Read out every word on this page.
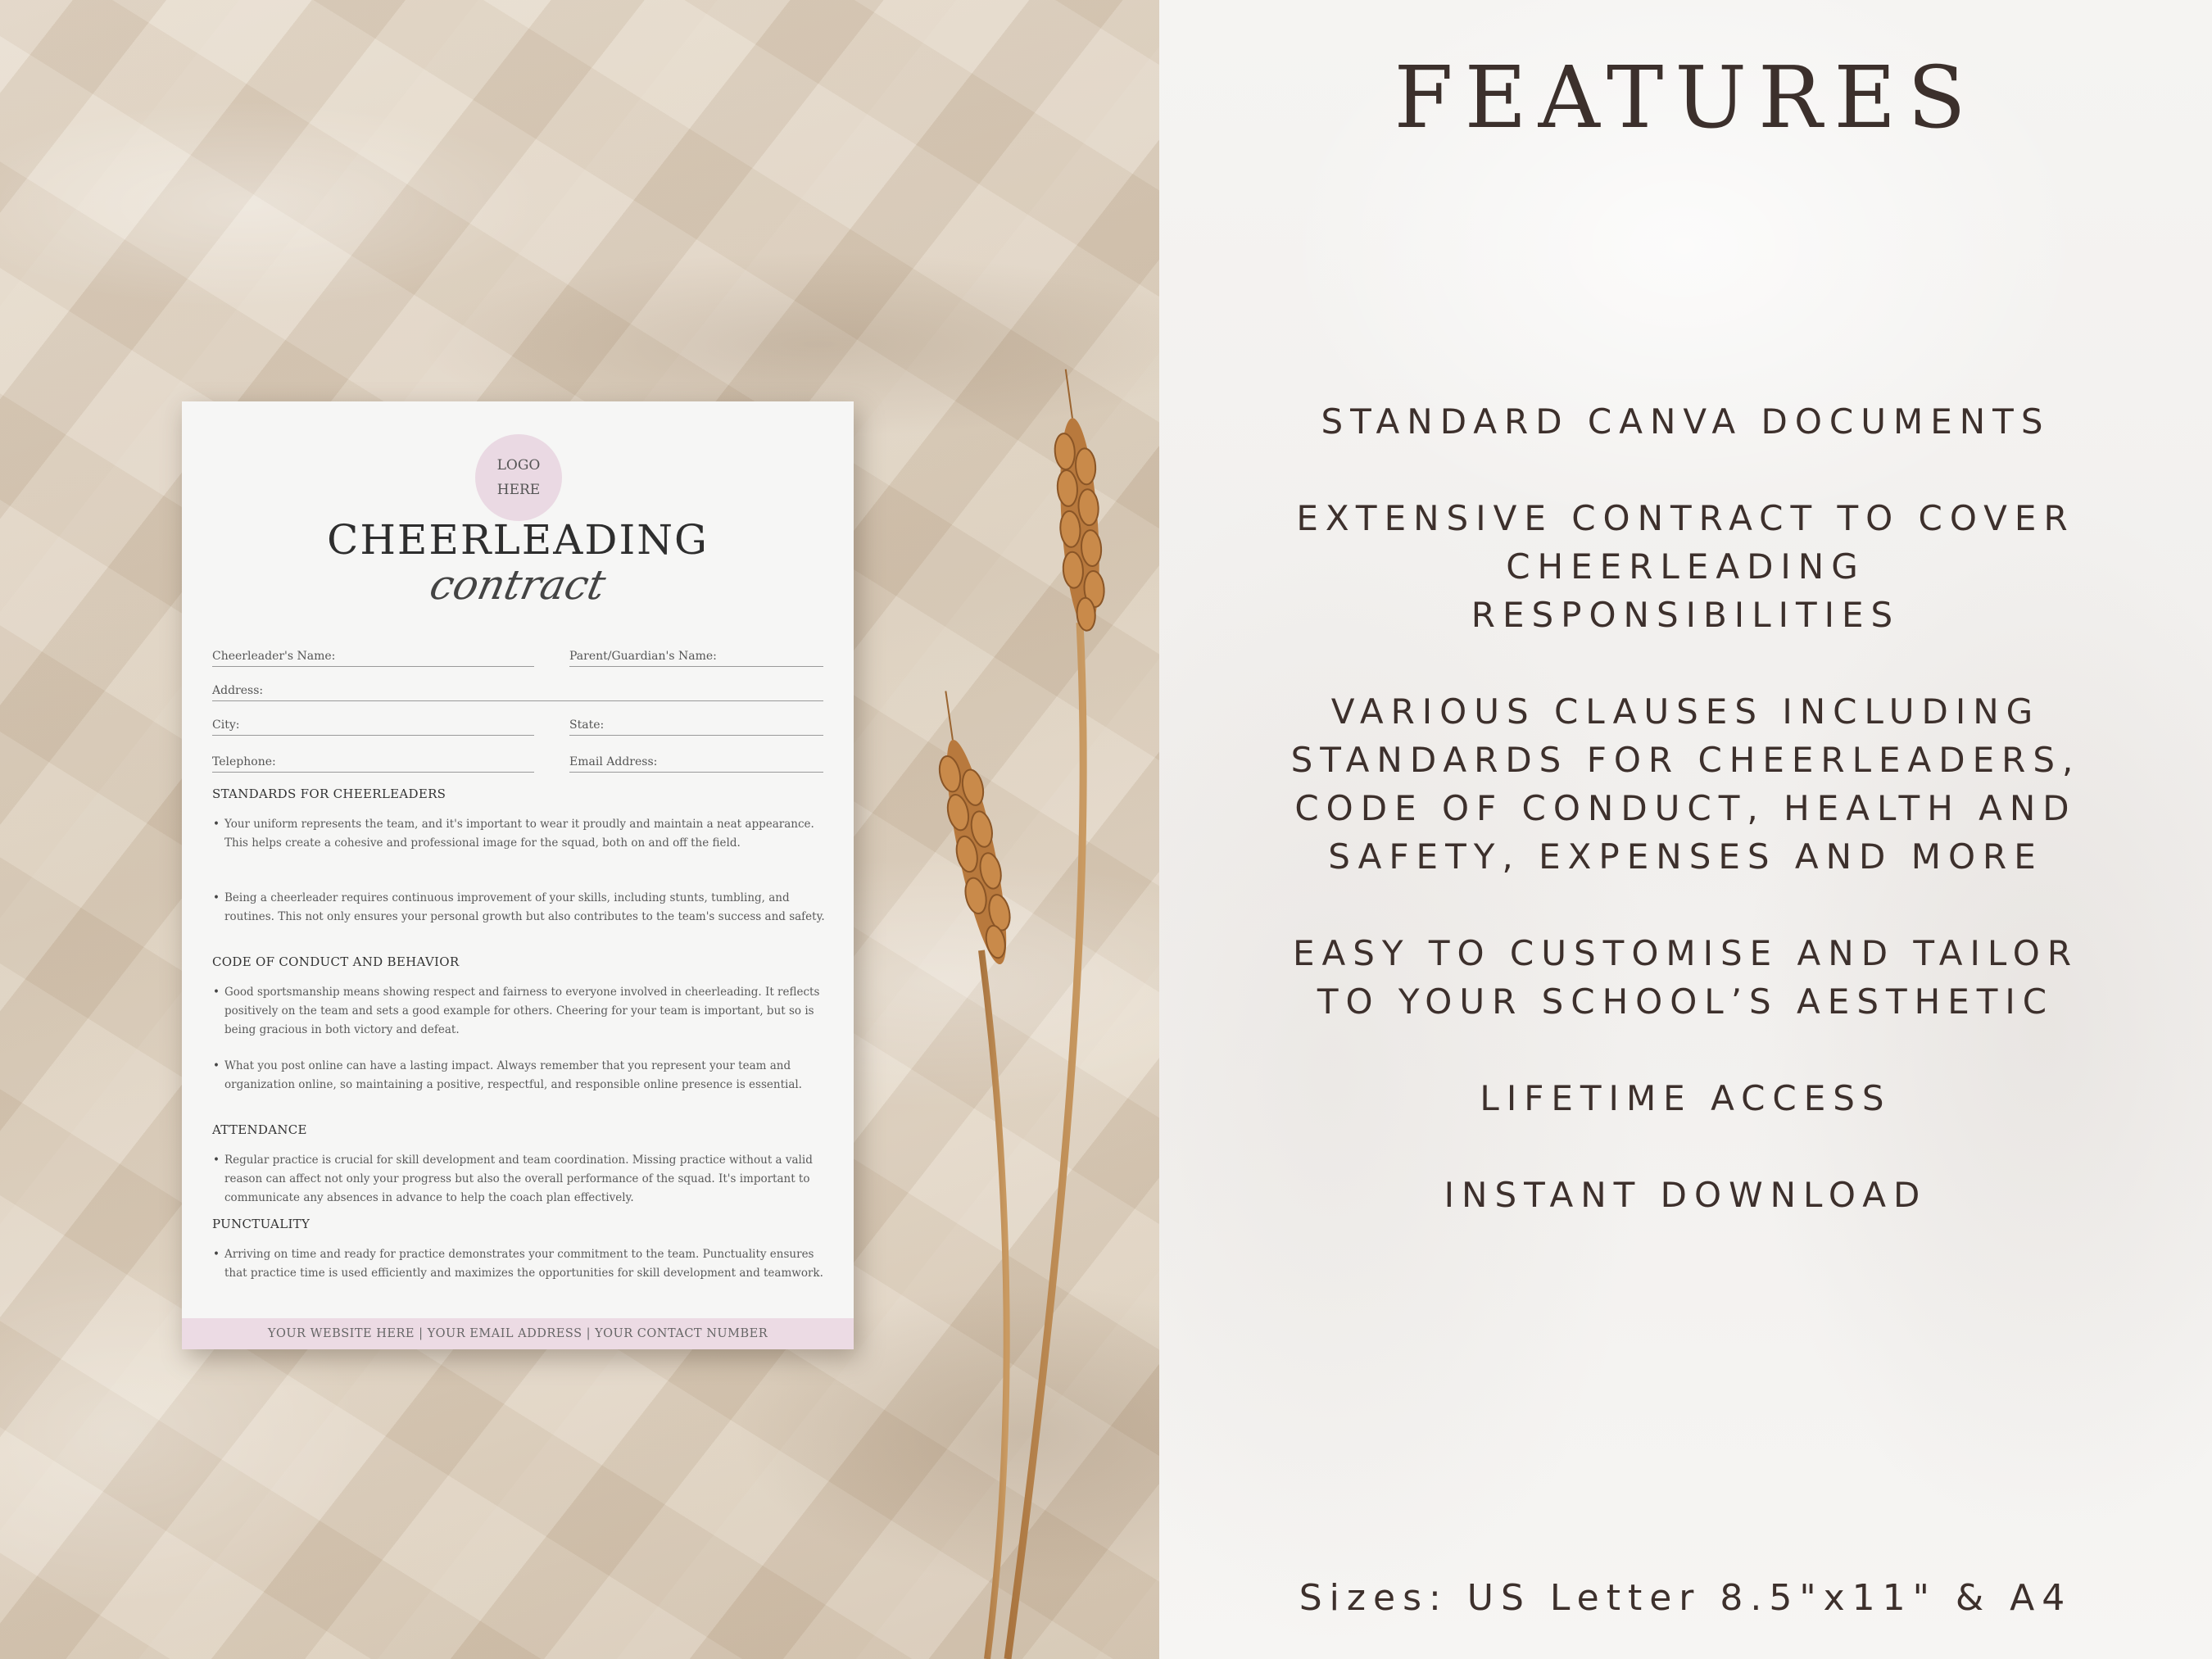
LOGO
HERE
CHEERLEADING
contract
Cheerleader's Name:	Parent/Guardian's Name:
Address:
City:	State:
Telephone:	Email Address:
STANDARDS FOR CHEERLEADERS
• Your uniform represents the team, and it's important to wear it proudly and maintain a neat appearance. This helps create a cohesive and professional image for the squad, both on and off the field.
• Being a cheerleader requires continuous improvement of your skills, including stunts, tumbling, and routines. This not only ensures your personal growth but also contributes to the team's success and safety.
CODE OF CONDUCT AND BEHAVIOR
• Good sportsmanship means showing respect and fairness to everyone involved in cheerleading. It reflects positively on the team and sets a good example for others. Cheering for your team is important, but so is being gracious in both victory and defeat.
• What you post online can have a lasting impact. Always remember that you represent your team and organization online, so maintaining a positive, respectful, and responsible online presence is essential.
ATTENDANCE
• Regular practice is crucial for skill development and team coordination. Missing practice without a valid reason can affect not only your progress but also the overall performance of the squad. It's important to communicate any absences in advance to help the coach plan effectively.
PUNCTUALITY
• Arriving on time and ready for practice demonstrates your commitment to the team. Punctuality ensures that practice time is used efficiently and maximizes the opportunities for skill development and teamwork.
YOUR WEBSITE HERE | YOUR EMAIL ADDRESS | YOUR CONTACT NUMBER
FEATURES
STANDARD CANVA DOCUMENTS
EXTENSIVE CONTRACT TO COVER
CHEERLEADING
RESPONSIBILITIES
VARIOUS CLAUSES INCLUDING
STANDARDS FOR CHEERLEADERS,
CODE OF CONDUCT, HEALTH AND
SAFETY, EXPENSES AND MORE
EASY TO CUSTOMISE AND TAILOR
TO YOUR SCHOOL’S AESTHETIC
LIFETIME ACCESS
INSTANT DOWNLOAD
Sizes: US Letter 8.5"x11" & A4
